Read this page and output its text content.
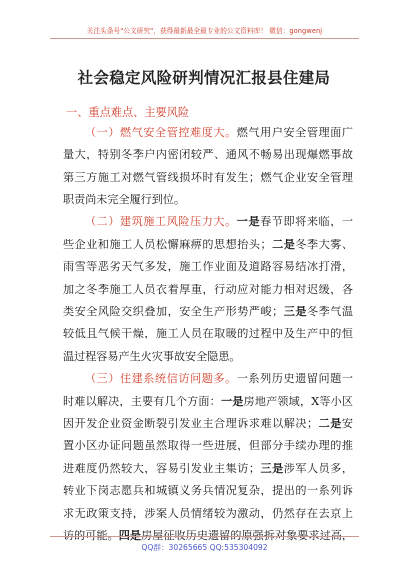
关注头条号"公文研究"，获得最新最全最专业的公文资料库！ 微信：gongwenj
社会稳定风险研判情况汇报县住建局
一、重点难点、主要风险
（一）燃气安全管控难度大。燃气用户安全管理面广
量大，特别冬季户内密闭较严、通风不畅易出现爆燃事故
第三方施工对燃气管线损坏时有发生；燃气企业安全管理
职责尚未完全履行到位。
（二）建筑施工风险压力大。一是春节即将来临，一
些企业和施工人员松懈麻痹的思想抬头；二是冬季大雾、
雨雪等恶劣天气多发，施工作业面及道路容易结冰打滑，
加之冬季施工人员衣着厚重，行动应对能力相对迟缓，各
类安全风险交织叠加，安全生产形势严峻；三是冬季气温
较低且气候干燥，施工人员在取暖的过程中及生产中的恒
温过程容易产生火灾事故安全隐患。
（三）住建系统信访问题多。一系列历史遗留问题一
时难以解决，主要有几个方面：一是房地产领域，X等小区
因开发企业资金断裂引发业主合理诉求难以解决；二是安
置小区办证问题虽然取得一些进展，但部分手续办理的推
进难度仍然较大，容易引发业主集访；三是涉军人员多，
转业下岗志愿兵和城镇义务兵情况复杂，提出的一系列诉
求无政策支持，涉案人员情绪较为激动，仍然存在去京上
访的可能。四是房屋征收历史遗留的原强拆对象要求过高，
QQ群：30265665 QQ:535304092
